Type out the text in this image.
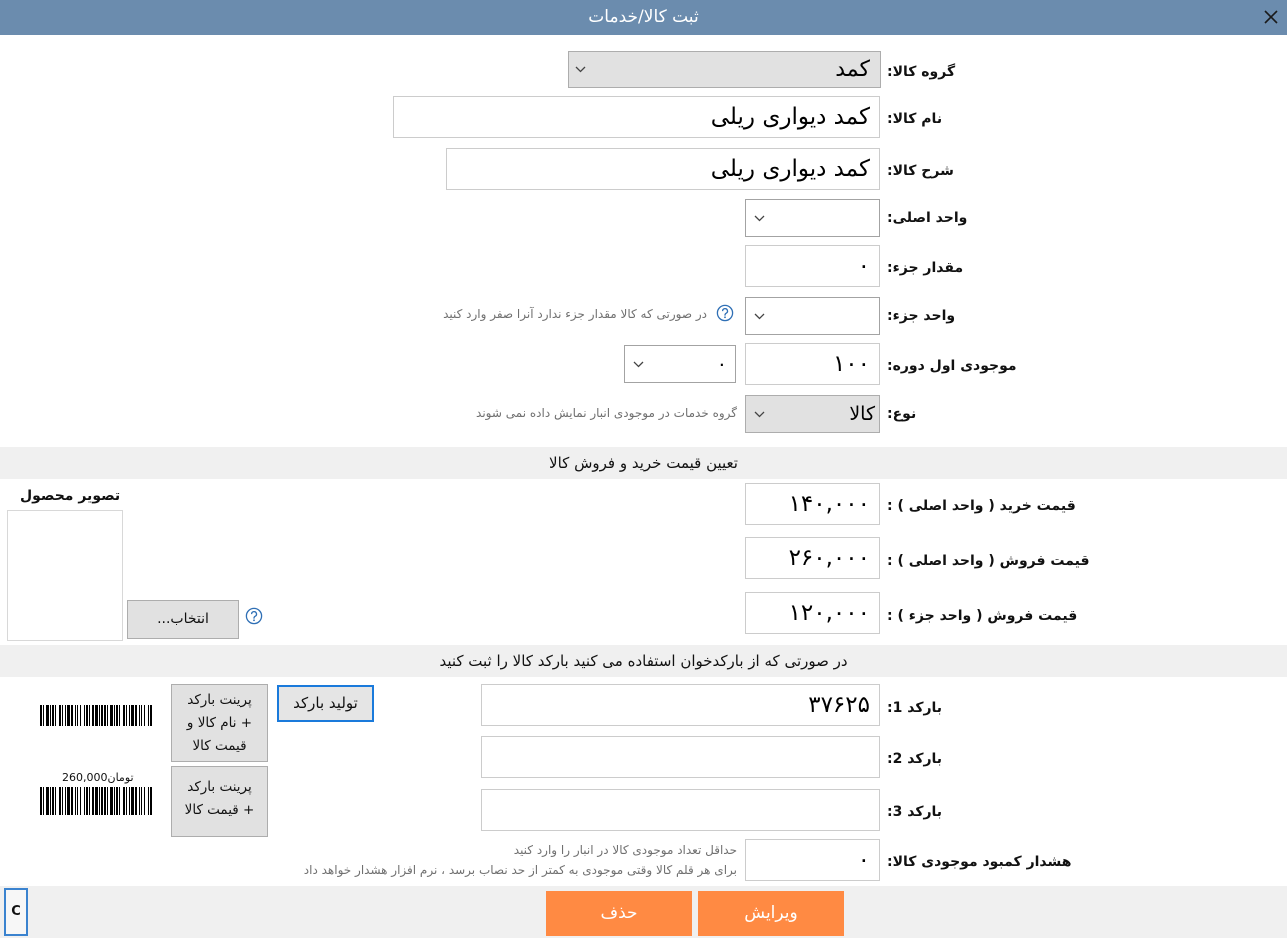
ثبت کالا/خدمات
گروه کالا:
کمد
نام کالا:
کمد دیواری ریلی
شرح کالا:
کمد دیواری ریلی
واحد اصلی:
مقدار جزء:
۰
واحد جزء:
در صورتی که کالا مقدار جزء ندارد آنرا صفر وارد کنید
موجودی اول دوره:
۱۰۰
۰
نوع:
کالا
گروه خدمات در موجودی انبار نمایش داده نمی شوند
تعیین قیمت خرید و فروش کالا
تصویر محصول
انتخاب...
قیمت خرید ( واحد اصلی ) :
۱۴۰,۰۰۰
قیمت فروش ( واحد اصلی ) :
۲۶۰,۰۰۰
قیمت فروش ( واحد جزء ) :
۱۲۰,۰۰۰
در صورتی که از بارکدخوان استفاده می کنید بارکد کالا را ثبت کنید
بارکد 1:
۳۷۶۲۵
بارکد 2:
بارکد 3:
تولید بارکد
پرینت بارکد
+ نام کالا و
قیمت کالا
پرینت بارکد
+ قیمت کالا
260,000تومان
هشدار کمبود موجودی کالا:
۰
حداقل تعداد موجودی کالا در انبار را وارد کنید
برای هر قلم کالا وقتی موجودی به کمتر از حد نصاب برسد ، نرم افزار هشدار خواهد داد
ویرایش
حذف
C
